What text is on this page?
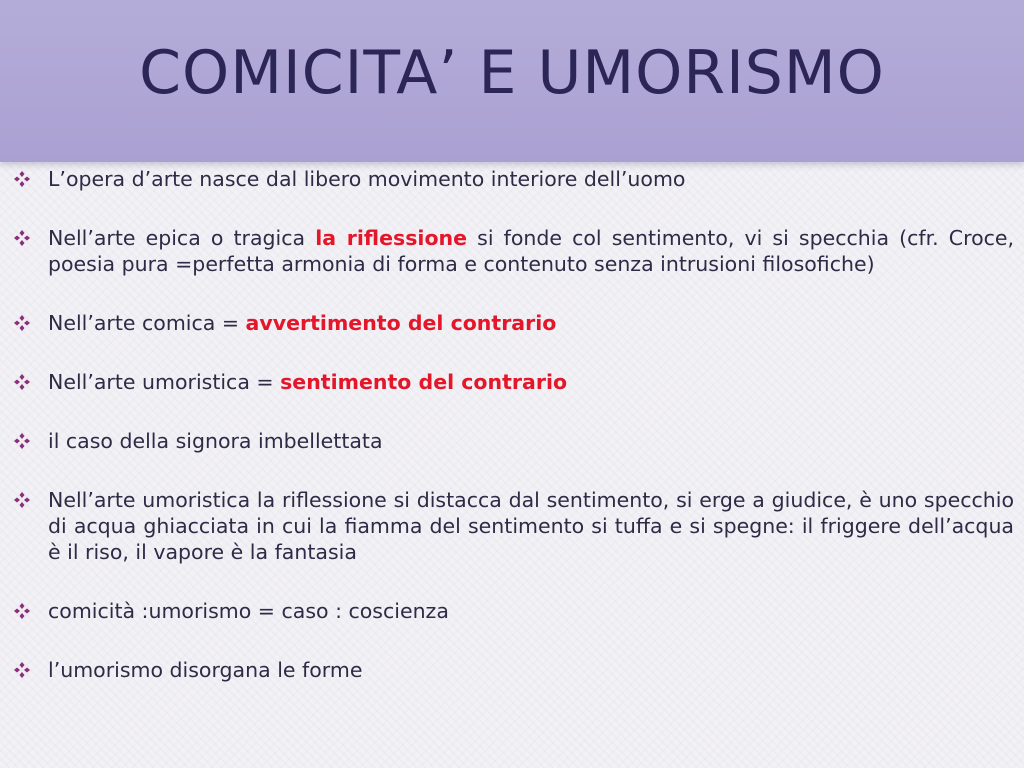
COMICITA’ E UMORISMO
L’opera d’arte nasce dal libero movimento interiore dell’uomo
Nell’arte epica o tragica la riflessione si fonde col sentimento, vi si specchia (cfr. Croce, poesia pura =perfetta armonia di forma e contenuto senza intrusioni filosofiche)
Nell’arte comica = avvertimento del contrario
Nell’arte umoristica = sentimento del contrario
il caso della signora imbellettata
Nell’arte umoristica la riflessione si distacca dal sentimento, si erge a giudice, è uno specchio di acqua ghiacciata in cui la fiamma del sentimento si tuffa e si spegne: il friggere dell’acqua è il riso, il vapore è la fantasia
comicità :umorismo = caso : coscienza
l’umorismo disorgana le forme
